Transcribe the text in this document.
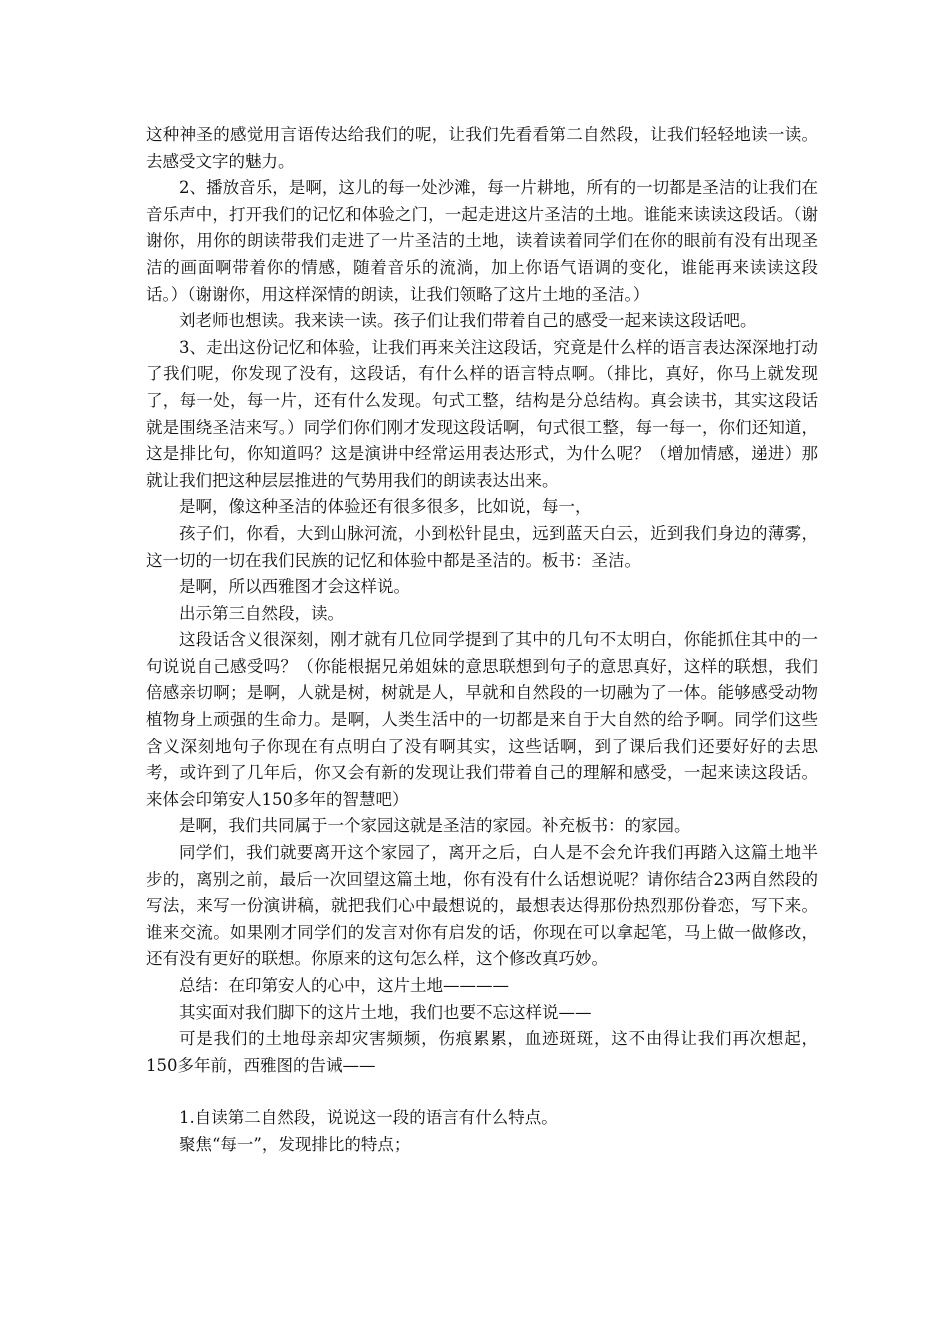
这种神圣的感觉用言语传达给我们的呢，让我们先看看第二自然段，让我们轻轻地读一读。去感受文字的魅力。

2、播放音乐，是啊，这儿的每一处沙滩，每一片耕地，所有的一切都是圣洁的让我们在音乐声中，打开我们的记忆和体验之门，一起走进这片圣洁的土地。谁能来读读这段话。（谢谢你，用你的朗读带我们走进了一片圣洁的土地，读着读着同学们在你的眼前有没有出现圣洁的画面啊带着你的情感，随着音乐的流淌，加上你语气语调的变化，谁能再来读读这段话。）（谢谢你，用这样深情的朗读，让我们领略了这片土地的圣洁。）

刘老师也想读。我来读一读。孩子们让我们带着自己的感受一起来读这段话吧。

3、走出这份记忆和体验，让我们再来关注这段话，究竟是什么样的语言表达深深地打动了我们呢，你发现了没有，这段话，有什么样的语言特点啊。（排比，真好，你马上就发现了，每一处，每一片，还有什么发现。句式工整，结构是分总结构。真会读书，其实这段话就是围绕圣洁来写。）同学们你们刚才发现这段话啊，句式很工整，每一每一，你们还知道，这是排比句，你知道吗？这是演讲中经常运用表达形式，为什么呢？（增加情感，递进）那就让我们把这种层层推进的气势用我们的朗读表达出来。

是啊，像这种圣洁的体验还有很多很多，比如说，每一，

孩子们，你看，大到山脉河流，小到松针昆虫，远到蓝天白云，近到我们身边的薄雾，这一切的一切在我们民族的记忆和体验中都是圣洁的。板书：圣洁。

是啊，所以西雅图才会这样说。

出示第三自然段，读。

这段话含义很深刻，刚才就有几位同学提到了其中的几句不太明白，你能抓住其中的一句说说自己感受吗？（你能根据兄弟姐妹的意思联想到句子的意思真好，这样的联想，我们倍感亲切啊；是啊，人就是树，树就是人，早就和自然段的一切融为了一体。能够感受动物植物身上顽强的生命力。是啊，人类生活中的一切都是来自于大自然的给予啊。同学们这些含义深刻地句子你现在有点明白了没有啊其实，这些话啊，到了课后我们还要好好的去思考，或许到了几年后，你又会有新的发现让我们带着自己的理解和感受，一起来读这段话。来体会印第安人150多年的智慧吧）

是啊，我们共同属于一个家园这就是圣洁的家园。补充板书：的家园。

同学们，我们就要离开这个家园了，离开之后，白人是不会允许我们再踏入这篇土地半步的，离别之前，最后一次回望这篇土地，你有没有什么话想说呢？请你结合23两自然段的写法，来写一份演讲稿，就把我们心中最想说的，最想表达得那份热烈那份眷恋，写下来。谁来交流。如果刚才同学们的发言对你有启发的话，你现在可以拿起笔，马上做一做修改，还有没有更好的联想。你原来的这句怎么样，这个修改真巧妙。

总结：在印第安人的心中，这片土地————

其实面对我们脚下的这片土地，我们也要不忘这样说——

可是我们的土地母亲却灾害频频，伤痕累累，血迹斑斑，这不由得让我们再次想起，150多年前，西雅图的告诫——

1.自读第二自然段，说说这一段的语言有什么特点。

聚焦“每一”，发现排比的特点；
